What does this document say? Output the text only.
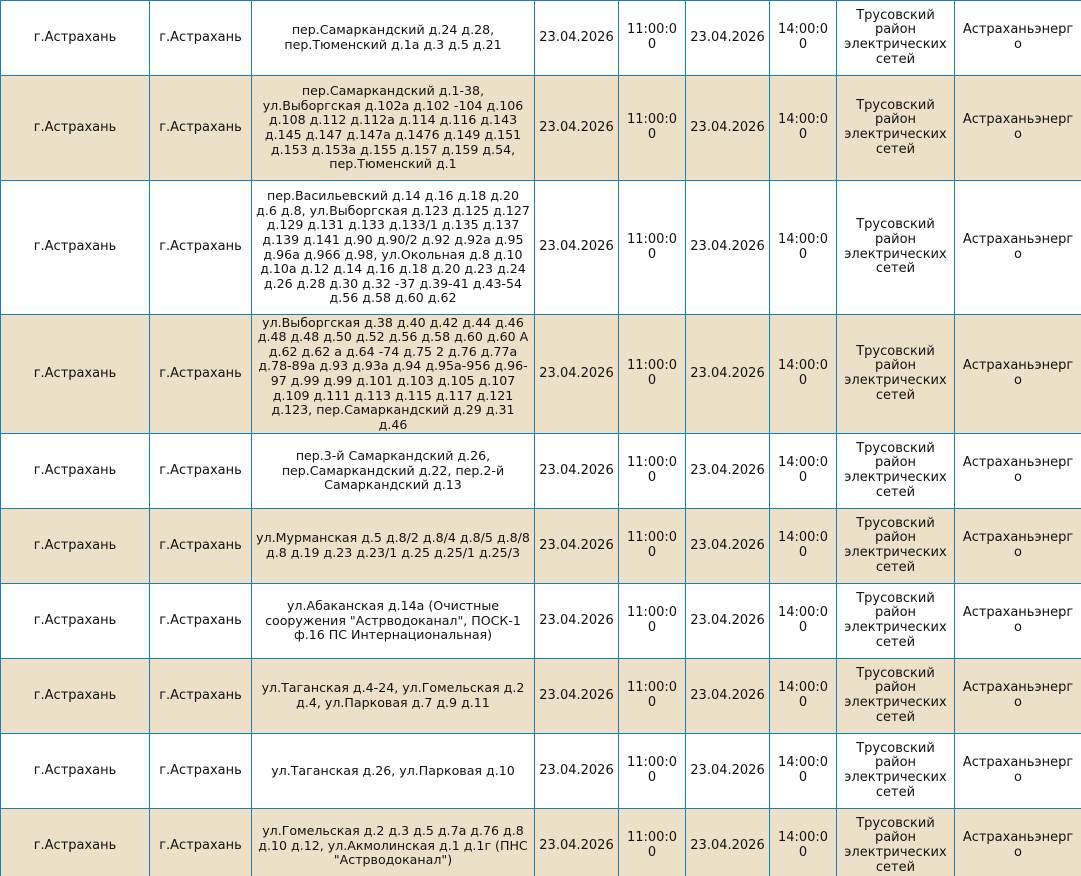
г.Астрахань	г.Астрахань	пер.Самаркандский д.24 д.28, пер.Тюменский д.1а д.3 д.5 д.21	23.04.2026	11:00:00	23.04.2026	14:00:00	Трусовский район электрических сетей	Астраханьэнерго
г.Астрахань	г.Астрахань	пер.Самаркандский д.1-38, ул.Выборгская д.102а д.102 -104 д.106 д.108 д.112 д.112а д.114 д.116 д.143 д.145 д.147 д.147а д.1476 д.149 д.151 д.153 д.153а д.155 д.157 д.159 д.54, пер.Тюменский д.1	23.04.2026	11:00:00	23.04.2026	14:00:00	Трусовский район электрических сетей	Астраханьэнерго
г.Астрахань	г.Астрахань	пер.Васильевский д.14 д.16 д.18 д.20 д.6 д.8, ул.Выборгская д.123 д.125 д.127 д.129 д.131 д.133 д.133/1 д.135 д.137 д.139 д.141 д.90 д.90/2 д.92 д.92а д.95 д.96а д.966 д.98, ул.Окольная д.8 д.10 д.10а д.12 д.14 д.16 д.18 д.20 д.23 д.24 д.26 д.28 д.30 д.32 -37 д.39-41 д.43-54 д.56 д.58 д.60 д.62	23.04.2026	11:00:00	23.04.2026	14:00:00	Трусовский район электрических сетей	Астраханьэнерго
г.Астрахань	г.Астрахань	ул.Выборгская д.38 д.40 д.42 д.44 д.46 д.48 д.48 д.50 д.52 д.56 д.58 д.60 д.60 А д.62 д.62 а д.64 -74 д.75 2 д.76 д.77а д.78-89а д.93 д.93а д.94 д.95а-956 д.96-97 д.99 д.99 д.101 д.103 д.105 д.107 д.109 д.111 д.113 д.115 д.117 д.121 д.123, пер.Самаркандский д.29 д.31 д.46	23.04.2026	11:00:00	23.04.2026	14:00:00	Трусовский район электрических сетей	Астраханьэнерго
г.Астрахань	г.Астрахань	пер.3-й Самаркандский д.26, пер.Самаркандский д.22, пер.2-й Самаркандский д.13	23.04.2026	11:00:00	23.04.2026	14:00:00	Трусовский район электрических сетей	Астраханьэнерго
г.Астрахань	г.Астрахань	ул.Мурманская д.5 д.8/2 д.8/4 д.8/5 д.8/8 д.8 д.19 д.23 д.23/1 д.25 д.25/1 д.25/3	23.04.2026	11:00:00	23.04.2026	14:00:00	Трусовский район электрических сетей	Астраханьэнерго
г.Астрахань	г.Астрахань	ул.Абаканская д.14а (Очистные сооружения "Астрводоканал", ПОСК-1 ф.16 ПС Интернациональная)	23.04.2026	11:00:00	23.04.2026	14:00:00	Трусовский район электрических сетей	Астраханьэнерго
г.Астрахань	г.Астрахань	ул.Таганская д.4-24, ул.Гомельская д.2 д.4, ул.Парковая д.7 д.9 д.11	23.04.2026	11:00:00	23.04.2026	14:00:00	Трусовский район электрических сетей	Астраханьэнерго
г.Астрахань	г.Астрахань	ул.Таганская д.26, ул.Парковая д.10	23.04.2026	11:00:00	23.04.2026	14:00:00	Трусовский район электрических сетей	Астраханьэнерго
г.Астрахань	г.Астрахань	ул.Гомельская д.2 д.3 д.5 д.7а д.76 д.8 д.10 д.12, ул.Акмолинская д.1 д.1г (ПНС "Астрводоканал")	23.04.2026	11:00:00	23.04.2026	14:00:00	Трусовский район электрических сетей	Астраханьэнерго
